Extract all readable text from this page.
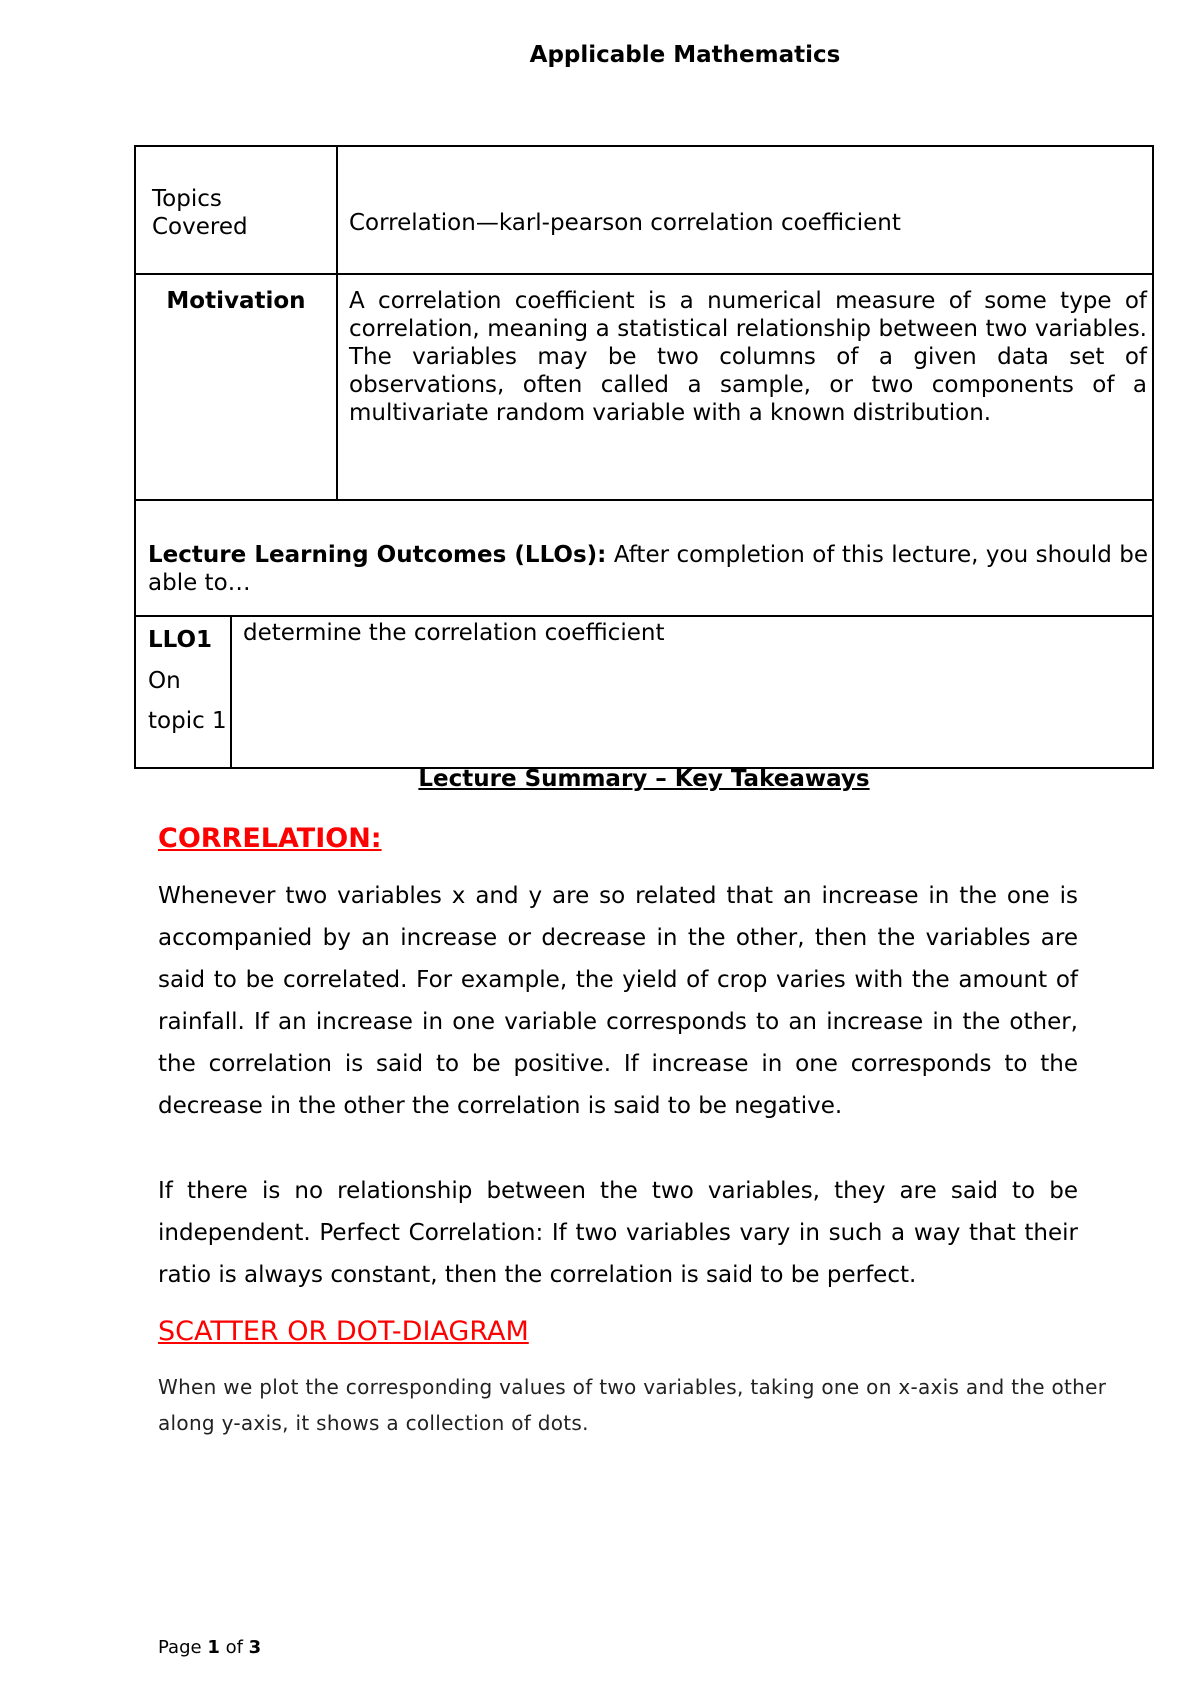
Applicable Mathematics
Topics Covered	Correlation—karl-pearson correlation coefficient
Motivation	A correlation coefficient is a numerical measure of some type of correlation, meaning a statistical relationship between two variables. The variables may be two columns of a given data set of observations, often called a sample, or two components of a multivariate random variable with a known distribution.
Lecture Learning Outcomes (LLOs): After completion of this lecture, you should be able to…
LLO1
On topic 1
determine the correlation coefficient
Lecture Summary – Key Takeaways
CORRELATION:

Whenever two variables x and y are so related that an increase in the one is accompanied by an increase or decrease in the other, then the variables are said to be correlated. For example, the yield of crop varies with the amount of rainfall. If an increase in one variable corresponds to an increase in the other, the correlation is said to be positive. If increase in one corresponds to the decrease in the other the correlation is said to be negative.

If there is no relationship between the two variables, they are said to be independent. Perfect Correlation: If two variables vary in such a way that their ratio is always constant, then the correlation is said to be perfect.

SCATTER OR DOT-DIAGRAM
When we plot the corresponding values of two variables, taking one on x-axis and the other along y-axis, it shows a collection of dots.
Page 1 of 3
